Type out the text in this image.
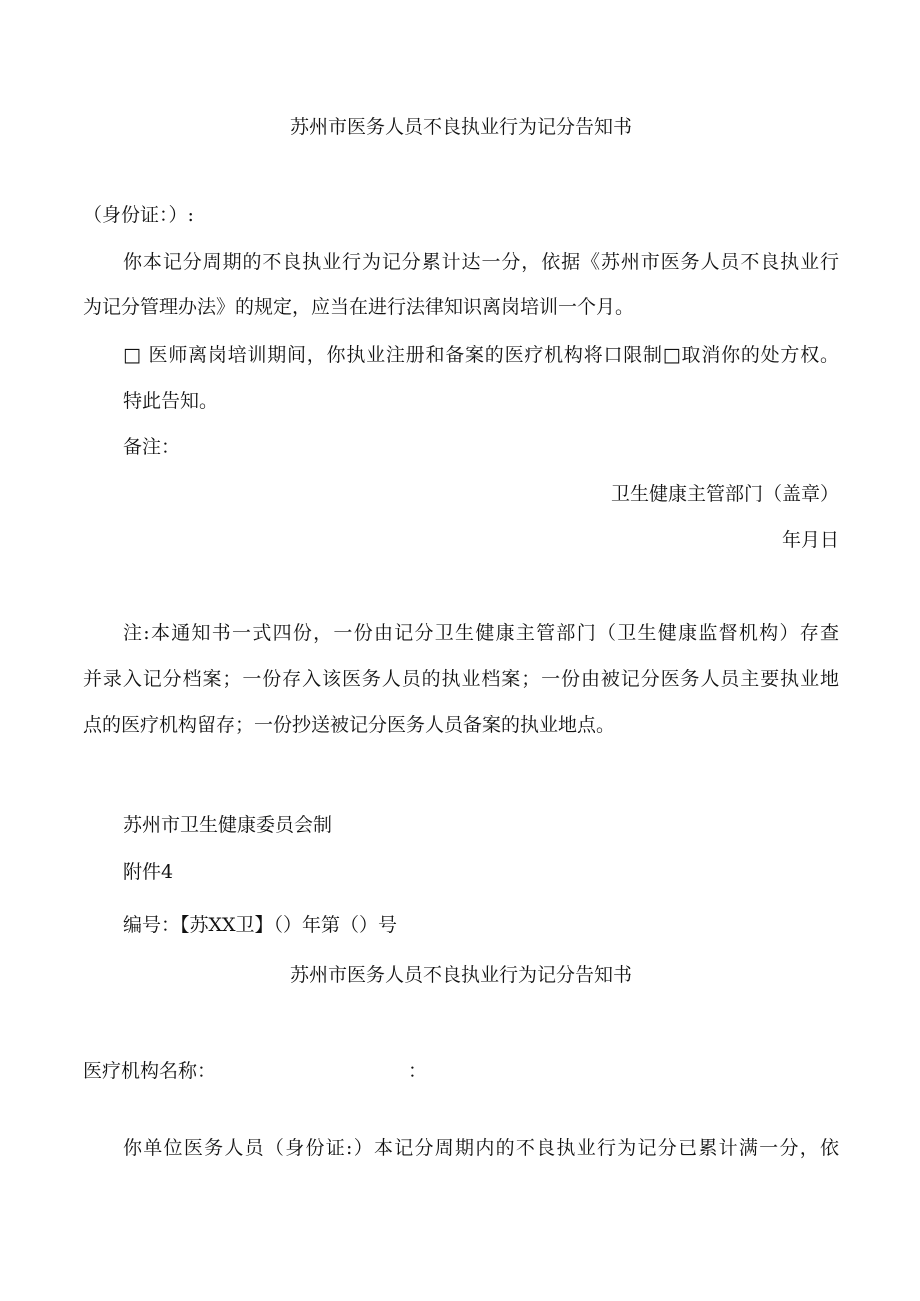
苏州市医务人员不良执业行为记分告知书
（身份证：）:
你本记分周期的不良执业行为记分累计达一分，依据《苏州市医务人员不良执业行
为记分管理办法》的规定，应当在进行法律知识离岗培训一个月。
□ 医师离岗培训期间，你执业注册和备案的医疗机构将口限制□取消你的处方权。
特此告知。
备注：
卫生健康主管部门（盖章）
年月日
注:本通知书一式四份，一份由记分卫生健康主管部门（卫生健康监督机构）存查
并录入记分档案；一份存入该医务人员的执业档案；一份由被记分医务人员主要执业地
点的医疗机构留存；一份抄送被记分医务人员备案的执业地点。
苏州市卫生健康委员会制
附件4
编号：【苏XX卫】（）年第（）号
苏州市医务人员不良执业行为记分告知书
医疗机构名称：	：
你单位医务人员（身份证:）本记分周期内的不良执业行为记分已累计满一分，依
